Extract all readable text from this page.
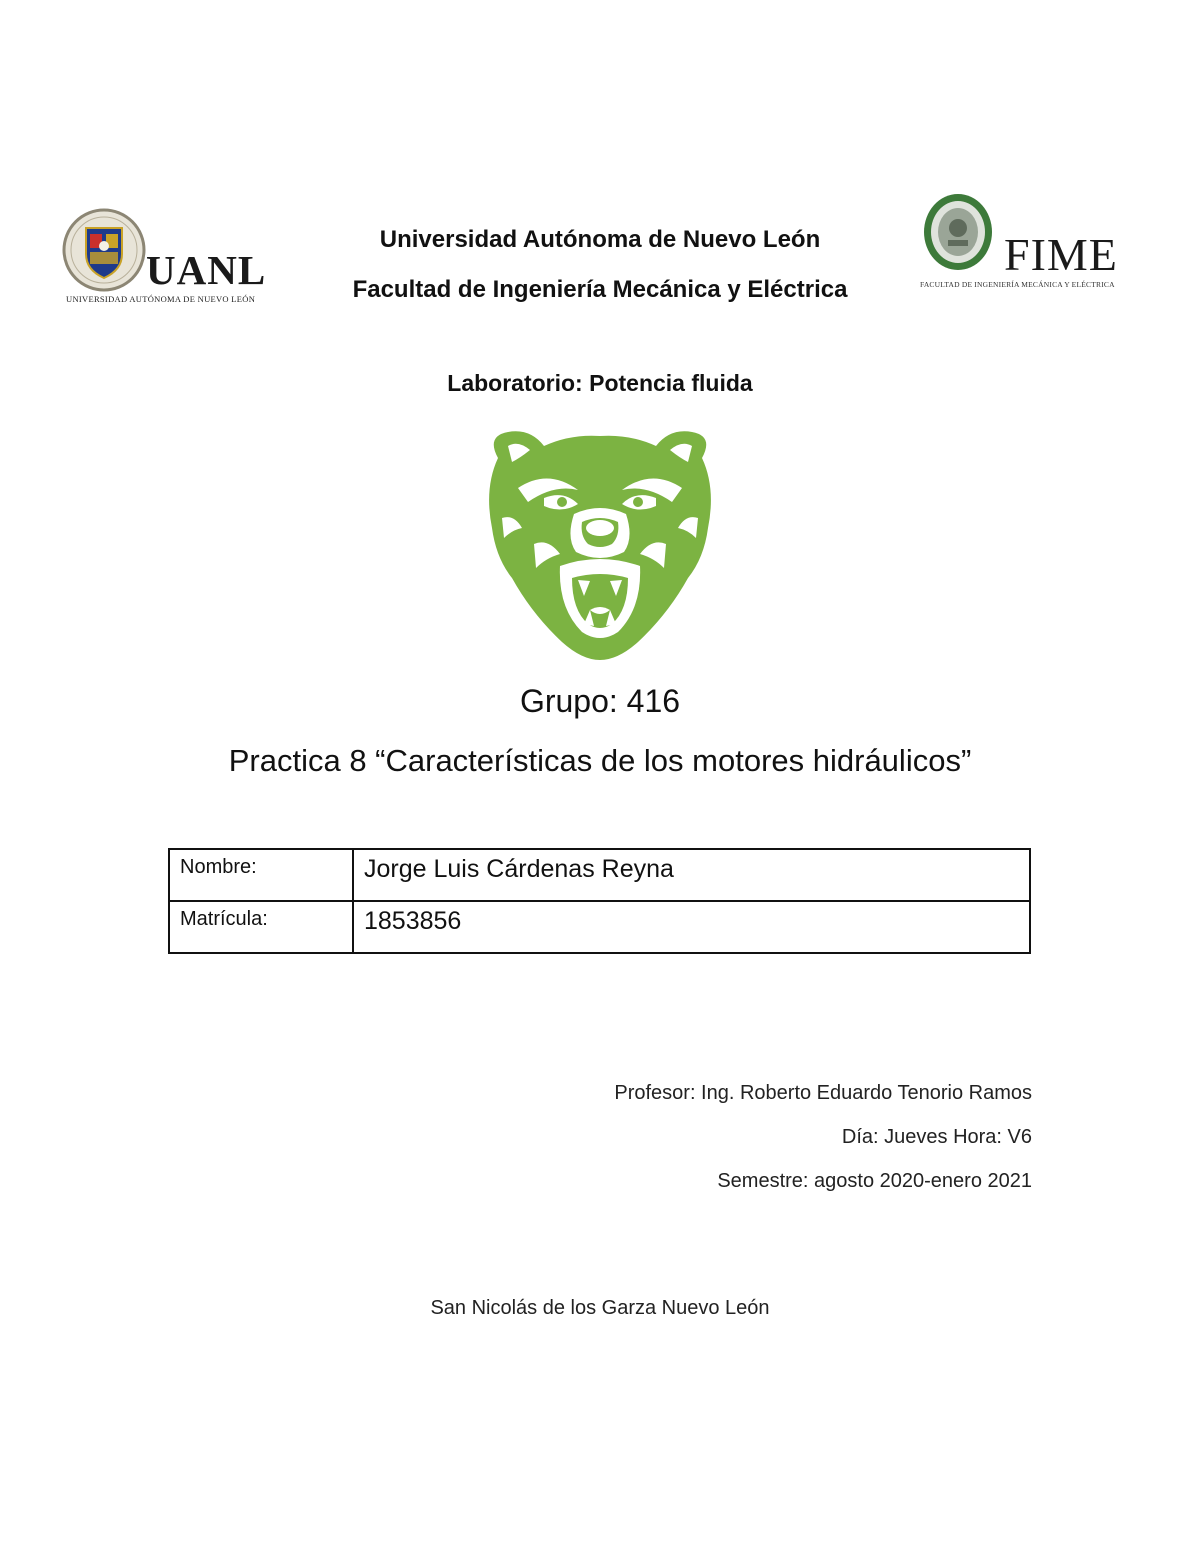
UANL
UNIVERSIDAD AUTÓNOMA DE NUEVO LEÓN
Universidad Autónoma de Nuevo León
Facultad de Ingeniería Mecánica y Eléctrica
FIME
FACULTAD DE INGENIERÍA MECÁNICA Y ELÉCTRICA
Laboratorio: Potencia fluida
Grupo: 416
Practica 8 “Características de los motores hidráulicos”
Nombre:	Jorge Luis Cárdenas Reyna
Matrícula:	1853856
Profesor: Ing. Roberto Eduardo Tenorio Ramos
Día: Jueves Hora: V6
Semestre: agosto 2020-enero 2021
San Nicolás de los Garza Nuevo León
